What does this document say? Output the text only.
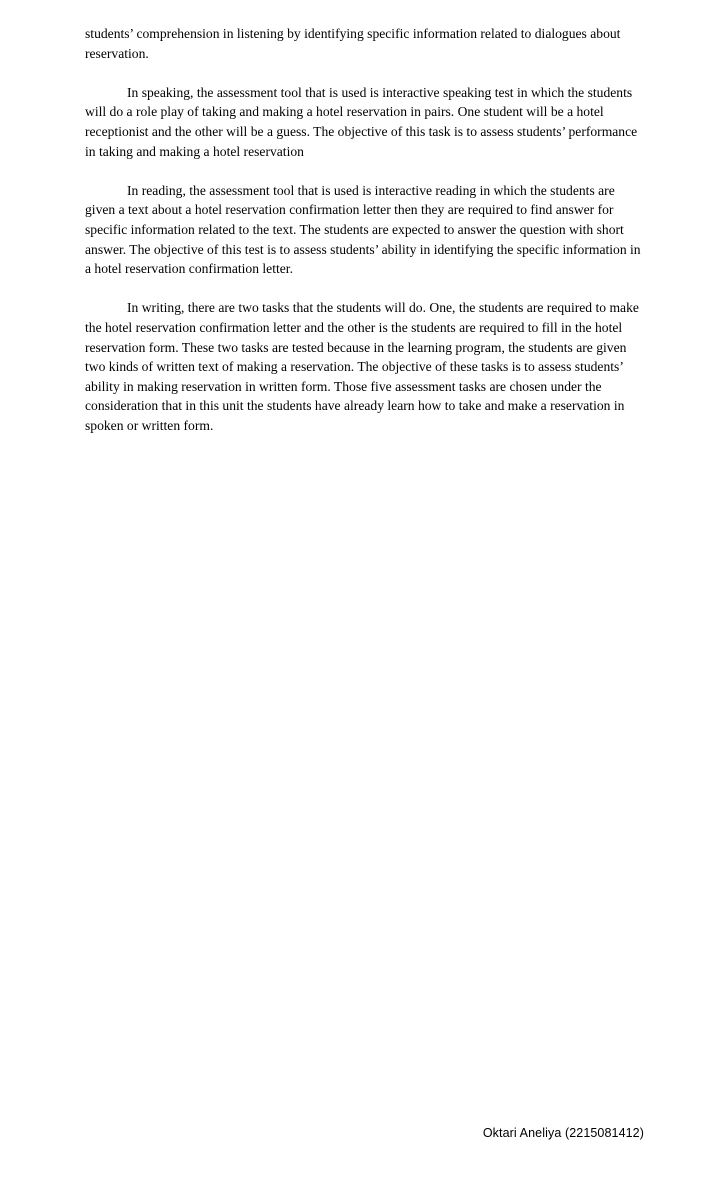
students’ comprehension in listening by identifying specific information related to dialogues about reservation.

In speaking, the assessment tool that is used is interactive speaking test in which the students will do a role play of taking and making a hotel reservation in pairs. One student will be a hotel receptionist and the other will be a guess. The objective of this task is to assess students’ performance in taking and making a hotel reservation

In reading, the assessment tool that is used is interactive reading in which the students are given a text about a hotel reservation confirmation letter then they are required to find answer for specific information related to the text. The students are expected to answer the question with short answer. The objective of this test is to assess students’ ability in identifying the specific information in a hotel reservation confirmation letter.

In writing, there are two tasks that the students will do. One, the students are required to make the hotel reservation confirmation letter and the other is the students are required to fill in the hotel reservation form. These two tasks are tested because in the learning program, the students are given two kinds of written text of making a reservation. The objective of these tasks is to assess students’ ability in making reservation in written form. Those five assessment tasks are chosen under the consideration that in this unit the students have already learn how to take and make a reservation in spoken or written form.

Oktari Aneliya (2215081412)
